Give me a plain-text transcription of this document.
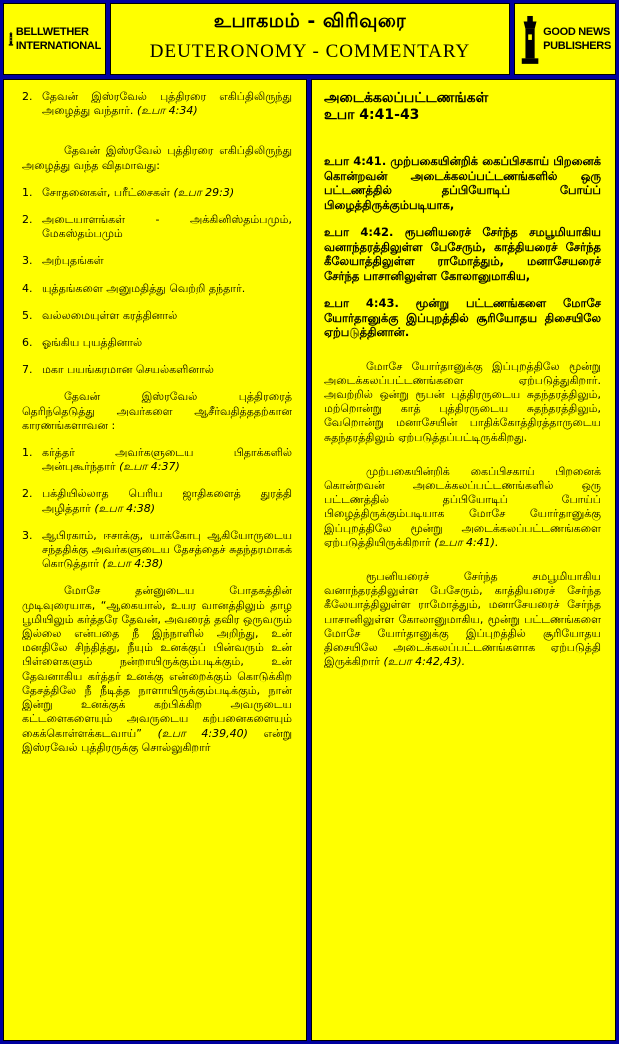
BELLWETHER
INTERNATIONAL
உபாகமம் - விரிவுரை
DEUTERONOMY - COMMENTARY
GOOD NEWS
PUBLISHERS
2. தேவன் இஸ்ரவேல் புத்திரரை எகிப்திலிருந்து அழைத்து வந்தார். (உபா 4:34)

தேவன் இஸ்ரவேல் புத்திரரை எகிப்திலிருந்து அழைத்து வந்த விதமாவது:

1. சோதனைகள், பரீட்சைகள் (உபா 29:3)
2. அடையாளங்கள் - அக்கினிஸ்தம்பமும், மேகஸ்தம்பமும்
3. அற்புதங்கள்
4. யுத்தங்களை அனுமதித்து வெற்றி தந்தார்.
5. வல்லமையுள்ள கரத்தினால்
6. ஓங்கிய புயத்தினால்
7. மகா பயங்கரமான செயல்களினால்

தேவன் இஸ்ரவேல் புத்திரரைத் தெரிந்தெடுத்து அவர்களை ஆசீர்வதித்ததற்கான காரணங்களாவன :

1. கர்த்தர் அவர்களுடைய பிதாக்களில் அன்புகூர்ந்தார் (உபா 4:37)
2. பக்தியில்லாத பெரிய ஜாதிகளைத் துரத்தி அழித்தார் (உபா 4:38)
3. ஆபிரகாம், ஈசாக்கு, யாக்கோபு ஆகியோருடைய சந்ததிக்கு அவர்களுடைய தேசத்தைச் சுதந்தரமாகக் கொடுத்தார் (உபா 4:38)

மோசே தன்னுடைய போதகத்தின் முடிவுரையாக, “ஆகையால், உயர வானத்திலும் தாழ பூமியிலும் கர்த்தரே தேவன், அவரைத் தவிர ஒருவரும் இல்லை என்பதை நீ இந்நாளில் அறிந்து, உன் மனதிலே சிந்தித்து, நீயும் உனக்குப் பின்வரும் உன் பிள்ளைகளும் நன்றாயிருக்கும்படிக்கும், உன் தேவனாகிய கர்த்தர் உனக்கு என்றைக்கும் கொடுக்கிற தேசத்திலே நீ நீடித்த நாளாயிருக்கும்படிக்கும், நான் இன்று உனக்குக் கற்பிக்கிற அவருடைய கட்டளைகளையும் அவருடைய கற்பனைகளையும் கைக்கொள்ளக்கடவாய்” (உபா 4:39,40) என்று இஸ்ரவேல் புத்திரருக்கு சொல்லுகிறார்

அடைக்கலப்பட்டணங்கள்
உபா 4:41-43

உபா 4:41. முற்பகையின்றிக் கைப்பிசகாய் பிறனைக் கொன்றவன் அடைக்கலப்பட்டணங்களில் ஒரு பட்டணத்தில் தப்பியோடிப் போய்ப் பிழைத்திருக்கும்படியாக,

உபா 4:42. ரூபனியரைச் சேர்ந்த சமபூமியாகிய வனாந்தரத்திலுள்ள பேசேரும், காத்தியரைச் சேர்ந்த கீலேயாத்திலுள்ள ராமோத்தும், மனாசேயரைச் சேர்ந்த பாசானிலுள்ள கோலானுமாகிய,

உபா 4:43. மூன்று பட்டணங்களை மோசே யோர்தானுக்கு இப்புறத்தில் சூரியோதய திசையிலே ஏற்படுத்தினான்.

மோசே யோர்தானுக்கு இப்புறத்திலே மூன்று அடைக்கலப்பட்டணங்களை ஏற்படுத்துகிறார். அவற்றில் ஒன்று ரூபன் புத்திரருடைய சுதந்தரத்திலும், மற்றொன்று காத் புத்திரருடைய சுதந்தரத்திலும், வேறொன்று மனாசேயின் பாதிக்கோத்திரத்தாருடைய சுதந்தரத்திலும் ஏற்படுத்தப்பட்டிருக்கிறது.

முற்பகையின்றிக் கைப்பிசகாய் பிறனைக் கொன்றவன் அடைக்கலப்பட்டணங்களில் ஒரு பட்டணத்தில் தப்பியோடிப் போய்ப் பிழைத்திருக்கும்படியாக மோசே யோர்தானுக்கு இப்புறத்திலே மூன்று அடைக்கலப்பட்டணங்களை ஏற்படுத்தியிருக்கிறார் (உபா 4:41).

ரூபனியரைச் சேர்ந்த சமபூமியாகிய வனாந்தரத்திலுள்ள பேசேரும், காத்தியரைச் சேர்ந்த கீலேயாத்திலுள்ள ராமோத்தும், மனாசேயரைச் சேர்ந்த பாசானிலுள்ள கோலானுமாகிய, மூன்று பட்டணங்களை மோசே யோர்தானுக்கு இப்புறத்தில் சூரியோதய திசையிலே அடைக்கலப்பட்டணங்களாக ஏற்படுத்தி இருக்கிறார் (உபா 4:42,43).
